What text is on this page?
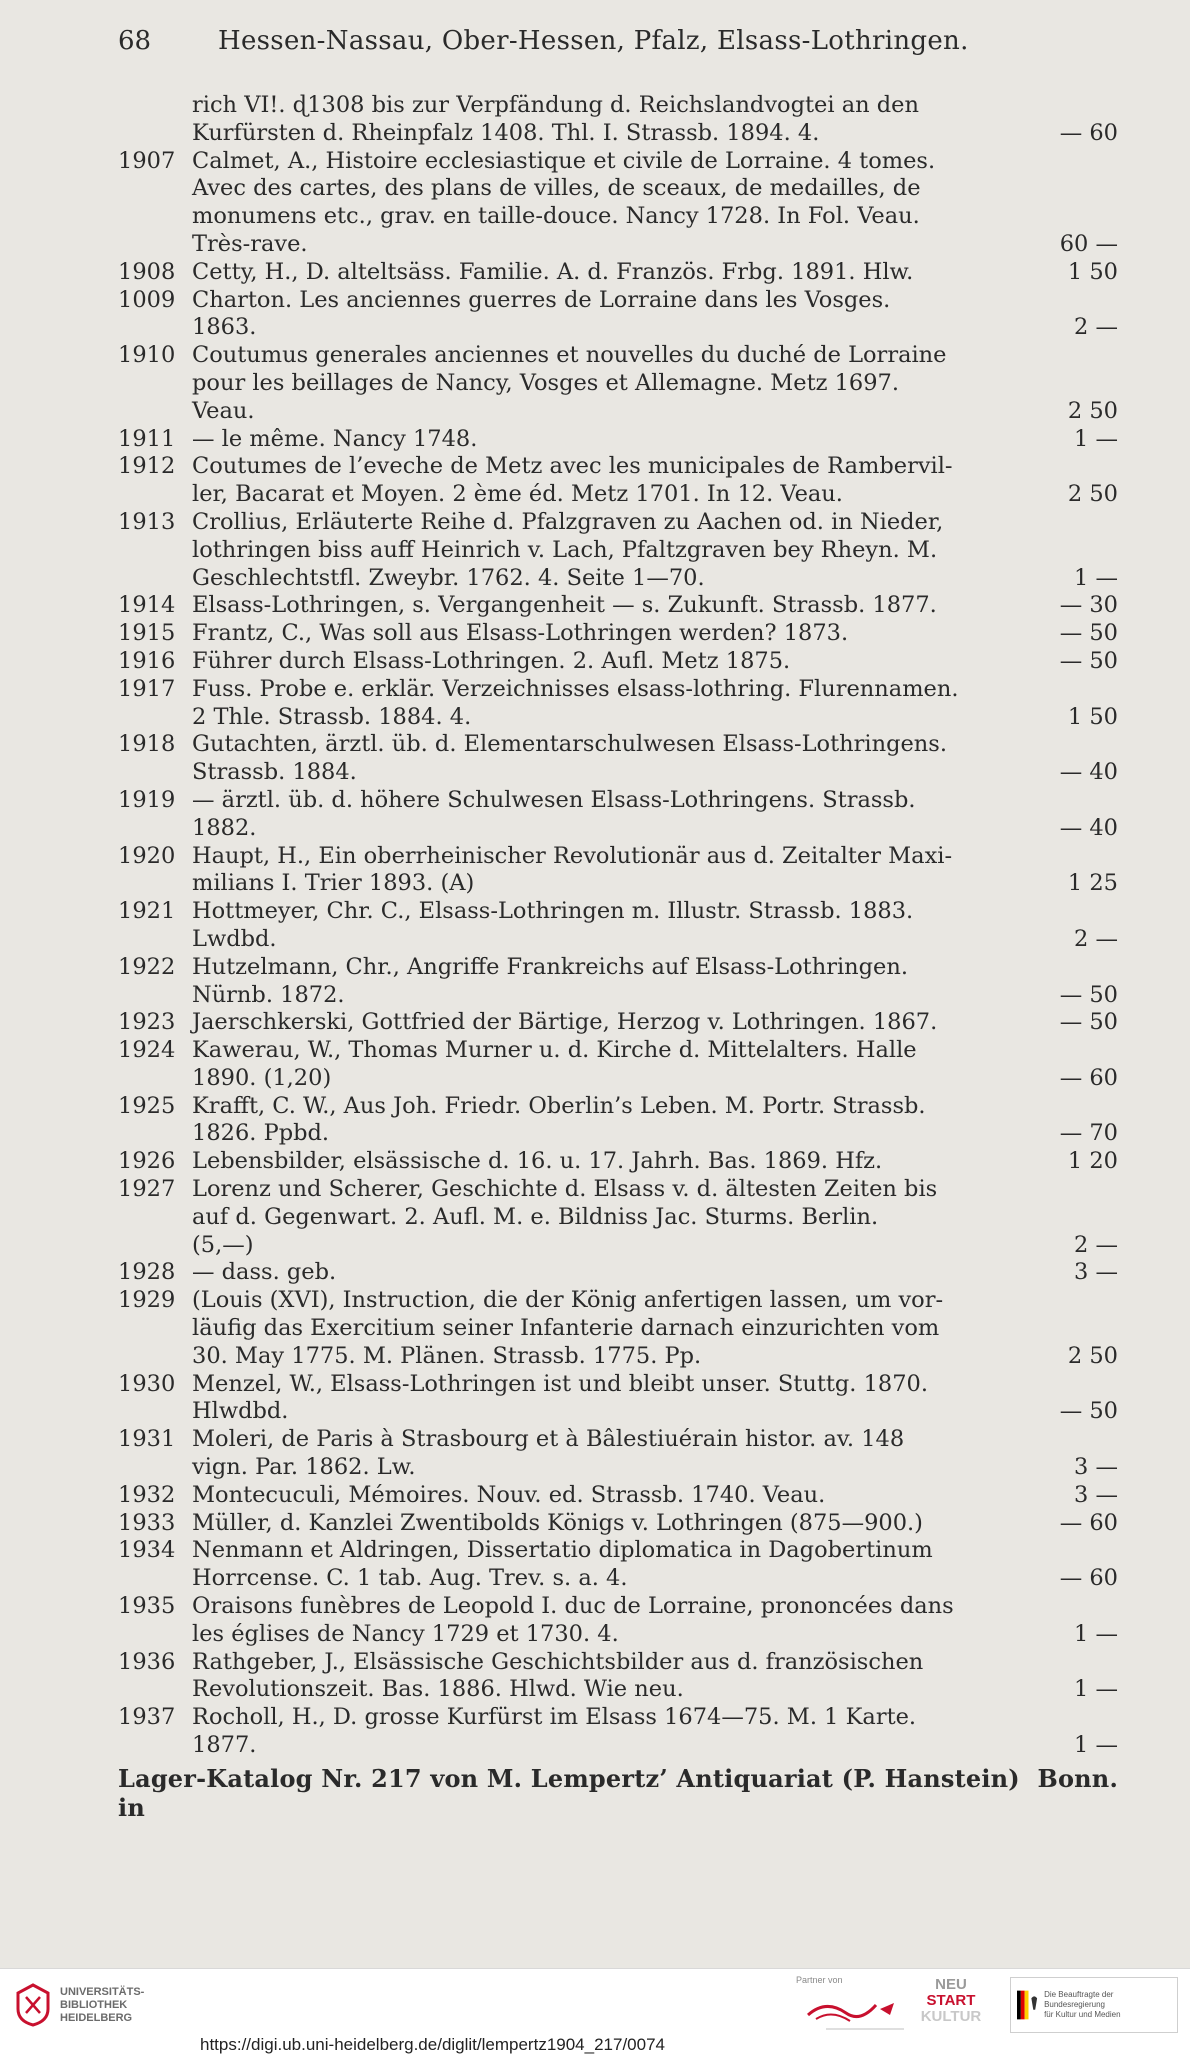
68	Hessen-Nassau, Ober-Hessen, Pfalz, Elsass-Lothringen.
rich VI!. ɖ1308 bis zur Verpfändung d. Reichslandvogtei an den
Kurfürsten d. Rheinpfalz 1408. Thl. I. Strassb. 1894. 4.	— 60
1907 Calmet, A., Histoire ecclesiastique et civile de Lorraine. 4 tomes.
Avec des cartes, des plans de villes, de sceaux, de medailles, de
monumens etc., grav. en taille-douce. Nancy 1728. In Fol. Veau.
Très-rave.	60 —
1908 Cetty, H., D. alteltsäss. Familie. A. d. Französ. Frbg. 1891. Hlw.	1 50
1009 Charton. Les anciennes guerres de Lorraine dans les Vosges.
1863.	2 —
1910 Coutumus generales anciennes et nouvelles du duché de Lorraine
pour les beillages de Nancy, Vosges et Allemagne. Metz 1697.
Veau.	2 50
1911 — le même. Nancy 1748.	1 —
1912 Coutumes de l’eveche de Metz avec les municipales de Rambervil-
ler, Bacarat et Moyen. 2 ème éd. Metz 1701. In 12. Veau.	2 50
1913 Crollius, Erläuterte Reihe d. Pfalzgraven zu Aachen od. in Nieder,
lothringen biss auff Heinrich v. Lach, Pfaltzgraven bey Rheyn. M.
Geschlechtstfl. Zweybr. 1762. 4. Seite 1—70.	1 —
1914 Elsass-Lothringen, s. Vergangenheit — s. Zukunft. Strassb. 1877.	— 30
1915 Frantz, C., Was soll aus Elsass-Lothringen werden? 1873.	— 50
1916 Führer durch Elsass-Lothringen. 2. Aufl. Metz 1875.	— 50
1917 Fuss. Probe e. erklär. Verzeichnisses elsass-lothring. Flurennamen.
2 Thle. Strassb. 1884. 4.	1 50
1918 Gutachten, ärztl. üb. d. Elementarschulwesen Elsass-Lothringens.
Strassb. 1884.	— 40
1919 — ärztl. üb. d. höhere Schulwesen Elsass-Lothringens. Strassb.
1882.	— 40
1920 Haupt, H., Ein oberrheinischer Revolutionär aus d. Zeitalter Maxi-
milians I. Trier 1893. (A)	1 25
1921 Hottmeyer, Chr. C., Elsass-Lothringen m. Illustr. Strassb. 1883.
Lwdbd.	2 —
1922 Hutzelmann, Chr., Angriffe Frankreichs auf Elsass-Lothringen.
Nürnb. 1872.	— 50
1923 Jaerschkerski, Gottfried der Bärtige, Herzog v. Lothringen. 1867.	— 50
1924 Kawerau, W., Thomas Murner u. d. Kirche d. Mittelalters. Halle
1890. (1,20)	— 60
1925 Krafft, C. W., Aus Joh. Friedr. Oberlin’s Leben. M. Portr. Strassb.
1826. Ppbd.	— 70
1926 Lebensbilder, elsässische d. 16. u. 17. Jahrh. Bas. 1869. Hfz.	1 20
1927 Lorenz und Scherer, Geschichte d. Elsass v. d. ältesten Zeiten bis
auf d. Gegenwart. 2. Aufl. M. e. Bildniss Jac. Sturms. Berlin.
(5,—)	2 —
1928 — dass. geb.	3 —
1929 (Louis (XVI), Instruction, die der König anfertigen lassen, um vor-
läufig das Exercitium seiner Infanterie darnach einzurichten vom
30. May 1775. M. Plänen. Strassb. 1775. Pp.	2 50
1930 Menzel, W., Elsass-Lothringen ist und bleibt unser. Stuttg. 1870.
Hlwdbd.	— 50
1931 Moleri, de Paris à Strasbourg et à Bâlestiuérain histor. av. 148
vign. Par. 1862. Lw.	3 —
1932 Montecuculi, Mémoires. Nouv. ed. Strassb. 1740. Veau.	3 —
1933 Müller, d. Kanzlei Zwentibolds Königs v. Lothringen (875—900.)	— 60
1934 Nenmann et Aldringen, Dissertatio diplomatica in Dagobertinum
Horrcense. C. 1 tab. Aug. Trev. s. a. 4.	— 60
1935 Oraisons funèbres de Leopold I. duc de Lorraine, prononcées dans
les églises de Nancy 1729 et 1730. 4.	1 —
1936 Rathgeber, J., Elsässische Geschichtsbilder aus d. französischen
Revolutionszeit. Bas. 1886. Hlwd. Wie neu.	1 —
1937 Rocholl, H., D. grosse Kurfürst im Elsass 1674—75. M. 1 Karte.
1877.	1 —
Lager-Katalog Nr. 217 von M. Lempertz’ Antiquariat (P. Hanstein) in
Bonn.
UNIVERSITÄTS-
BIBLIOTHEK
HEIDELBERG
Partner von	NEU
START
KULTUR
Die Beauftragte der Bundesregierung
für Kultur und Medien
https://digi.ub.uni-heidelberg.de/diglit/lempertz1904_217/0074
